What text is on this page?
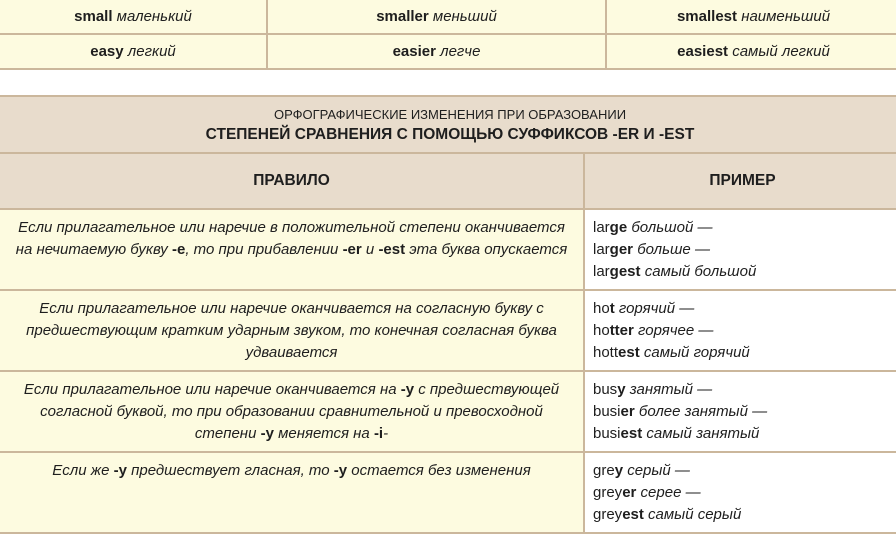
small маленький	smaller меньший	smallest наименьший
easy легкий	easier легче	easiest самый легкий
ОРФОГРАФИЧЕСКИЕ ИЗМЕНЕНИЯ ПРИ ОБРАЗОВАНИИ
СТЕПЕНЕЙ СРАВНЕНИЯ С ПОМОЩЬЮ СУФФИКСОВ -ER И -EST	

ПРАВИЛО	ПРИМЕР
Если прилагательное или наречие в положительной степени оканчивается на нечитаемую букву -e, то при прибавлении -er и -est эта буква опускается	large большой —
larger больше —
largest самый большой

Если прилагательное или наречие оканчивается на согласную букву с предшествующим кратким ударным звуком, то конечная согласная буква удваивается	hot горячий —
hotter горячее —
hottest самый горячий

Если прилагательное или наречие оканчивается на -y с предшествующей согласной буквой, то при образовании сравнительной и превосходной степени -y меняется на -i-	busy занятый —
busier более занятый —
busiest самый занятый

Если же -y предшествует гласная, то -y остается без изменения	grey серый —
greyer серее —
greyest самый серый
